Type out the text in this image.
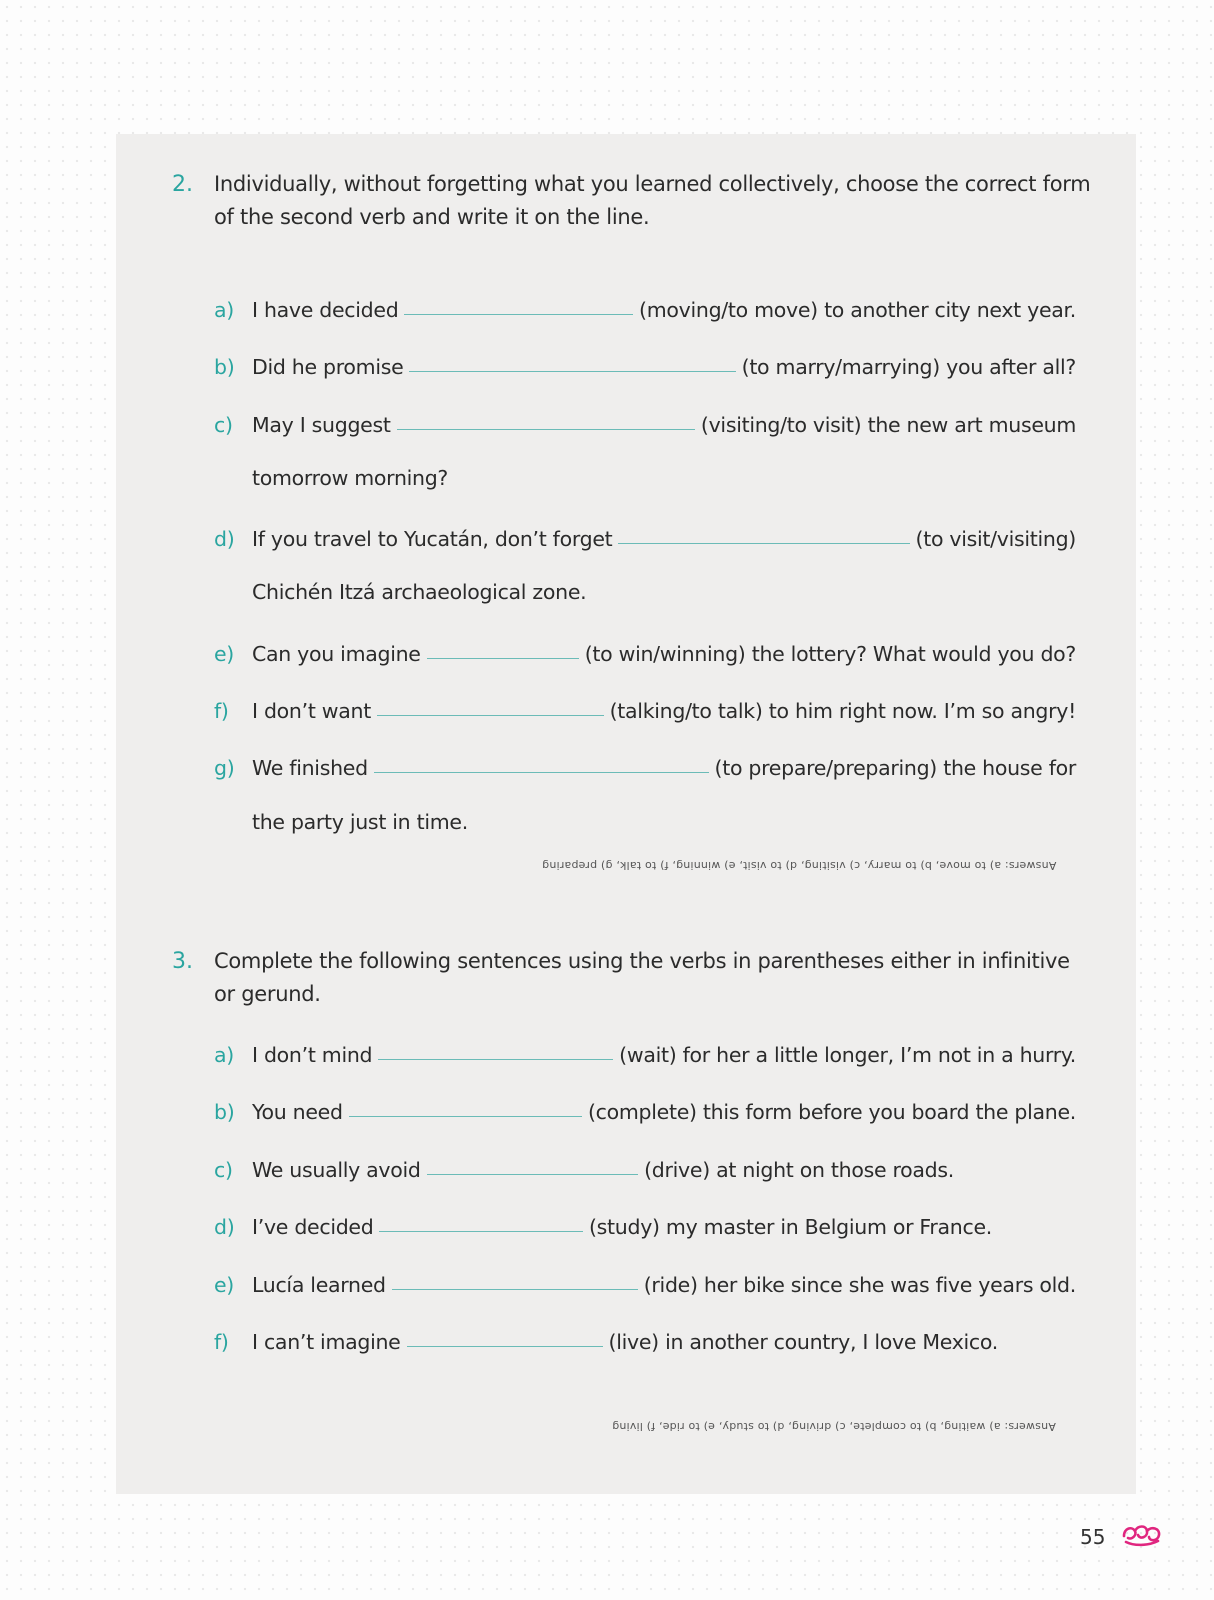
2. Individually, without forgetting what you learned collectively, choose the correct form of the second verb and write it on the line.
a) I have decided	(moving/to move) to another city next year.
b) Did he promise	(to marry/marrying) you after all?
c) May I suggest	(visiting/to visit) the new art museum
tomorrow morning?
d) If you travel to Yucatán, don’t forget	(to visit/visiting)
Chichén Itzá archaeological zone.
e) Can you imagine	(to win/winning) the lottery? What would you do?
f)	I don’t want	(talking/to talk) to him right now. I’m so angry!
g) We finished	(to prepare/preparing) the house for
the party just in time.
Answers: a) to move, b) to marry, c) visiting, d) to visit, e) winning, f) to talk, g) preparing
3. Complete the following sentences using the verbs in parentheses either in infinitive or gerund.
a) I don’t mind	(wait) for her a little longer, I’m not in a hurry.
b) You need	(complete) this form before you board the plane.
c) We usually avoid	(drive) at night on those roads.
d) I’ve decided	(study) my master in Belgium or France.
e) Lucía learned	(ride) her bike since she was five years old.
f)	I can’t imagine	(live) in another country, I love Mexico.
Answers: a) waiting, b) to complete, c) driving, d) to study, e) to ride, f) living
55
